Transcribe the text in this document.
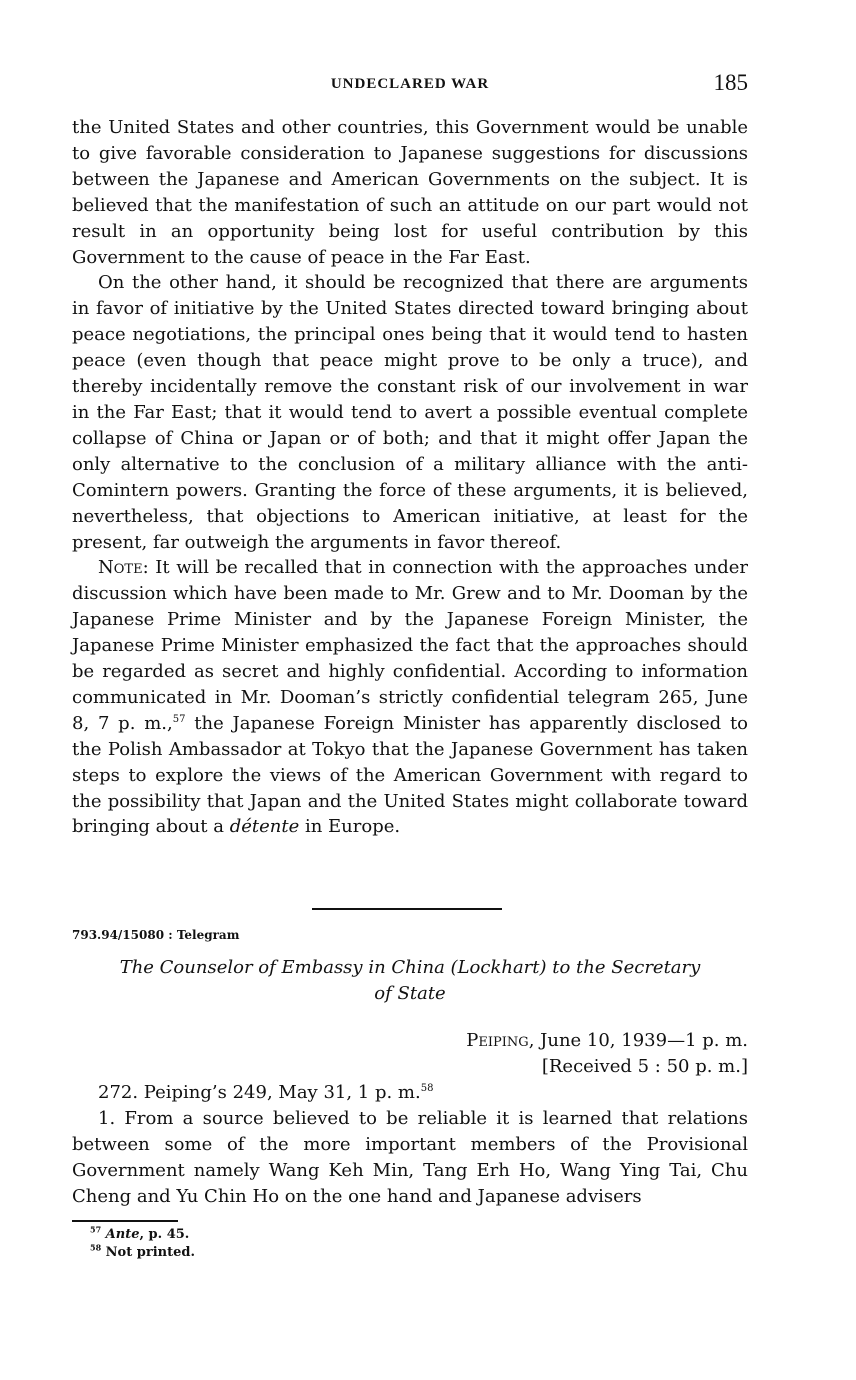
UNDECLARED WAR	185

the United States and other countries, this Government would be unable to give favorable consideration to Japanese suggestions for discussions between the Japanese and American Governments on the subject. It is believed that the manifestation of such an attitude on our part would not result in an opportunity being lost for useful contribution by this Government to the cause of peace in the Far East.

On the other hand, it should be recognized that there are arguments in favor of initiative by the United States directed toward bringing about peace negotiations, the principal ones being that it would tend to hasten peace (even though that peace might prove to be only a truce), and thereby incidentally remove the constant risk of our involvement in war in the Far East; that it would tend to avert a possible eventual complete collapse of China or Japan or of both; and that it might offer Japan the only alternative to the conclusion of a military alliance with the anti-Comintern powers. Granting the force of these arguments, it is believed, nevertheless, that objections to American initiative, at least for the present, far outweigh the arguments in favor thereof.

Note: It will be recalled that in connection with the approaches under discussion which have been made to Mr. Grew and to Mr. Dooman by the Japanese Prime Minister and by the Japanese Foreign Minister, the Japanese Prime Minister emphasized the fact that the approaches should be regarded as secret and highly confidential. According to information communicated in Mr. Dooman’s strictly confidential telegram 265, June 8, 7 p. m.,$^{57}$ the Japanese Foreign Minister has apparently disclosed to the Polish Ambassador at Tokyo that the Japanese Government has taken steps to explore the views of the American Government with regard to the possibility that Japan and the United States might collaborate toward bringing about a détente in Europe.

793.94/15080 : Telegram
The Counselor of Embassy in China (Lockhart) to the Secretary
of State
Peiping, June 10, 1939—1 p. m.
[Received 5 : 50 p. m.]

272. Peiping’s 249, May 31, 1 p. m.$^{58}$

1. From a source believed to be reliable it is learned that relations between some of the more important members of the Provisional Government namely Wang Keh Min, Tang Erh Ho, Wang Ying Tai, Chu Cheng and Yu Chin Ho on the one hand and Japanese advisers

$^{57}$ Ante, p. 45.
$^{58}$ Not printed.
